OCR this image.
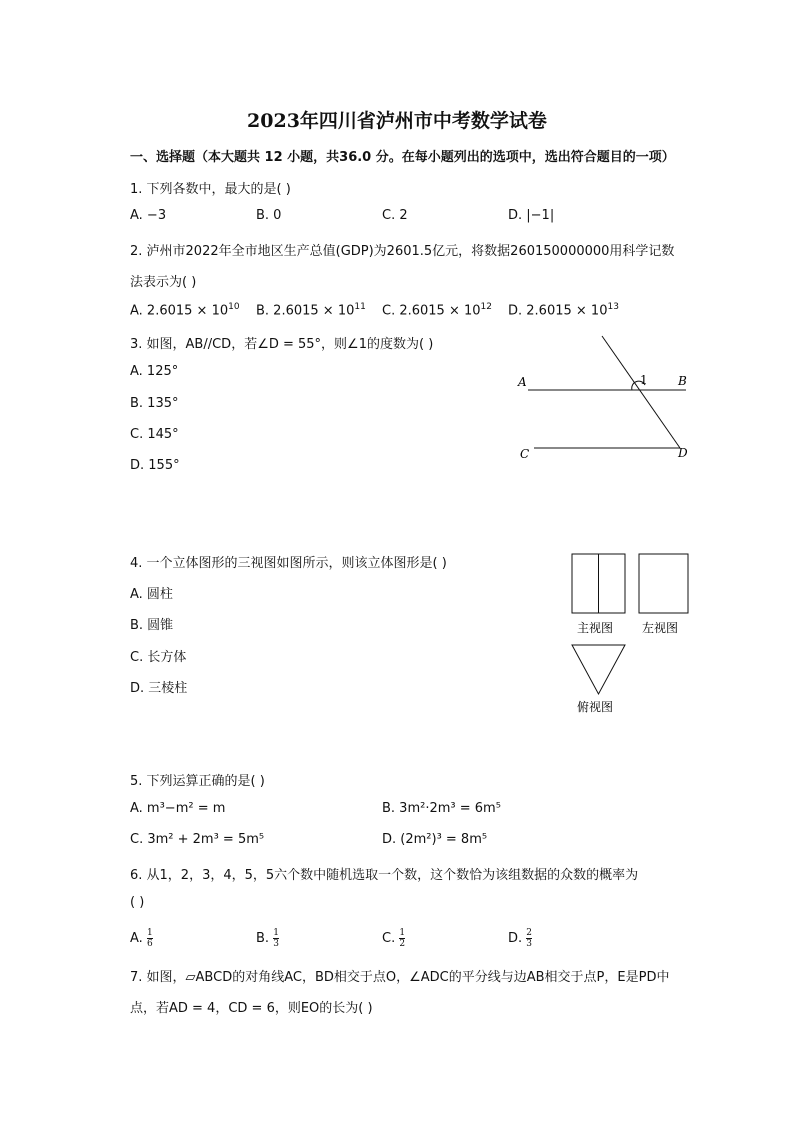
2023年四川省泸州市中考数学试卷
一、选择题（本大题共 12 小题，共36.0 分。在每小题列出的选项中，选出符合题目的一项）
1. 下列各数中，最大的是( )
A. −3	B. 0	C. 2	D. |−1|
2. 泸州市2022年全市地区生产总值(GDP)为2601.5亿元，将数据260150000000用科学记数
法表示为( )
A. $2.6015 \times 10^{10}$ B. $2.6015 \times 10^{11}$ C. $2.6015 \times 10^{12}$ D. $2.6015 \times 10^{13}$
3. 如图，AB//CD，若∠D = 55°，则∠1的度数为( )
A. 125°
B. 135°
C. 145°
D. 155°
A	B
C	D
1
4. 一个立体图形的三视图如图所示，则该立体图形是( )
A. 圆柱
B. 圆锥
C. 长方体
D. 三棱柱
主视图 左视图
俯视图
5. 下列运算正确的是( )
A. m³−m² = m	B. 3m²·2m³ = 6m⁵
C. 3m² + 2m³ = 5m⁵	D. (2m²)³ = 8m⁵
6. 从1，2，3，4，5，5六个数中随机选取一个数，这个数恰为该组数据的众数的概率为
( )
A. $\frac{1}{6}$	B. $\frac{1}{3}$	C. $\frac{1}{2}$	D. $\frac{2}{3}$
7. 如图，▱ABCD的对角线AC，BD相交于点O，∠ADC的平分线与边AB相交于点P，E是PD中
点，若AD = 4，CD = 6，则EO的长为( )
